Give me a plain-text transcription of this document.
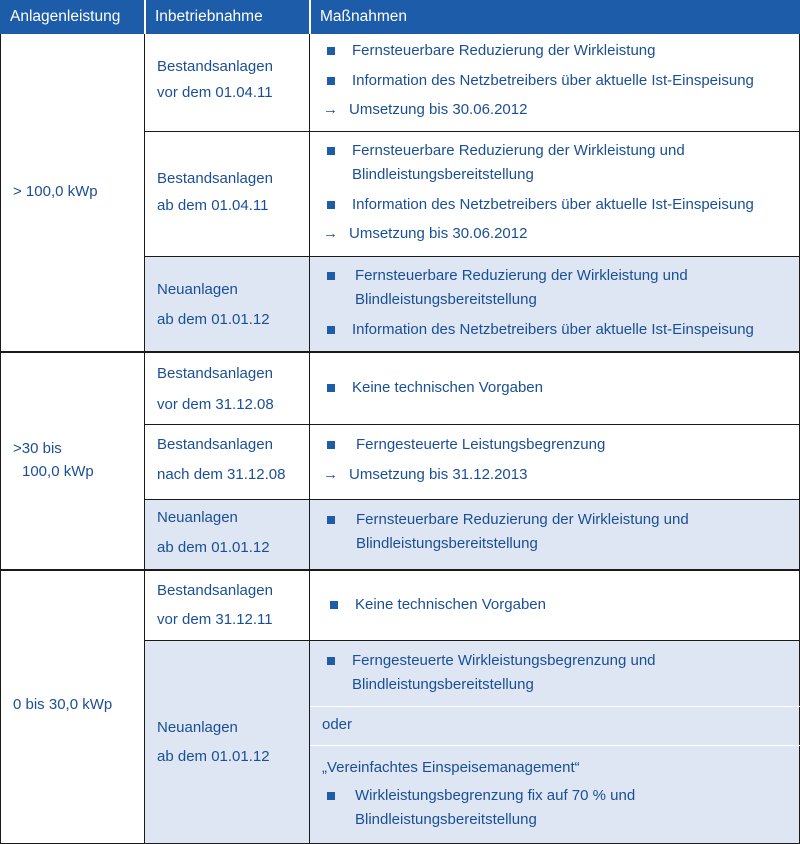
Anlagenleistung	Inbetriebnahme	Maßnahmen
> 100,0 kWp
Bestandsanlagen
vor dem 01.04.11
Fernsteuerbare Reduzierung der Wirkleistung
Information des Netzbetreibers über aktuelle Ist-Einspeisung
→ Umsetzung bis 30.06.2012
Bestandsanlagen
ab dem 01.04.11
Fernsteuerbare Reduzierung der Wirkleistung und
Blindleistungsbereitstellung
Information des Netzbetreibers über aktuelle Ist-Einspeisung
→ Umsetzung bis 30.06.2012
Neuanlagen
ab dem 01.01.12
Fernsteuerbare Reduzierung der Wirkleistung und
Blindleistungsbereitstellung
Information des Netzbetreibers über aktuelle Ist-Einspeisung
>30 bis
100,0 kWp
Bestandsanlagen
vor dem 31.12.08
Keine technischen Vorgaben
Bestandsanlagen
nach dem 31.12.08
Ferngesteuerte Leistungsbegrenzung
→ Umsetzung bis 31.12.2013
Neuanlagen
ab dem 01.01.12
Fernsteuerbare Reduzierung der Wirkleistung und
Blindleistungsbereitstellung
0 bis 30,0 kWp
Bestandsanlagen
vor dem 31.12.11
Keine technischen Vorgaben
Neuanlagen
ab dem 01.01.12
Ferngesteuerte Wirkleistungsbegrenzung und
Blindleistungsbereitstellung
oder
„Vereinfachtes Einspeisemanagement“
Wirkleistungsbegrenzung fix auf 70 % und
Blindleistungsbereitstellung
